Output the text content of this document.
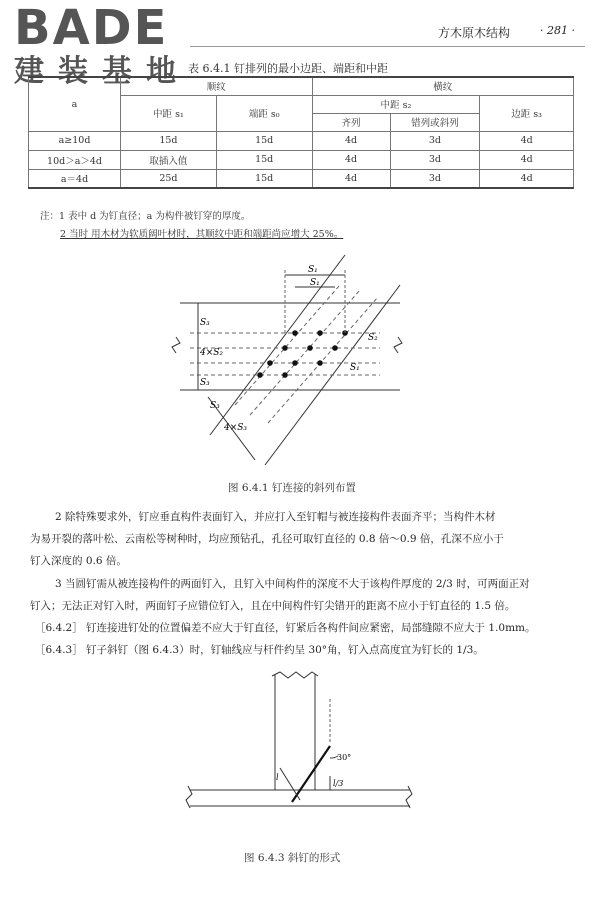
BADE
建装基地
方木原木结构	· 281 ·
表 6.4.1 钉排列的最小边距、端距和中距
a	顺纹		横纹		
	中距 s₁	端距 s₀	中距 s₂		边距 s₃
			齐列	错列或斜列	
a≥10d	15d	15d	4d	3d	4d
10d＞a＞4d	取插入值	15d	4d	3d	4d
a＝4d	25d	15d	4d	3d	4d
注：1 表中 d 为钉直径；a 为构件被钉穿的厚度。
2 当时 用木材为软质阔叶材时，其顺纹中距和端距尚应增大 25%。
S₁
S₁
S₃
4×S₂
S₃
S₂
S₁
S₃
4×S₃
图 6.4.1 钉连接的斜列布置
2 除特殊要求外，钉应垂直构件表面钉入，并应打入至钉帽与被连接构件表面齐平；当构件木材
为易开裂的落叶松、云南松等树种时，均应预钻孔，孔径可取钉直径的 0.8 倍～0.9 倍，孔深不应小于
钉入深度的 0.6 倍。
3 当圆钉需从被连接构件的两面钉入，且钉入中间构件的深度不大于该构件厚度的 2/3 时，可两面正对
钉入；无法正对钉入时，两面钉子应错位钉入，且在中间构件钉尖错开的距离不应小于钉直径的 1.5 倍。
［6.4.2］ 钉连接进钉处的位置偏差不应大于钉直径，钉紧后各构件间应紧密，局部缝隙不应大于 1.0mm。
［6.4.3］ 钉子斜钉（图 6.4.3）时，钉轴线应与杆件约呈 30°角，钉入点高度宜为钉长的 1/3。
30°
l/3
l
图 6.4.3 斜钉的形式
